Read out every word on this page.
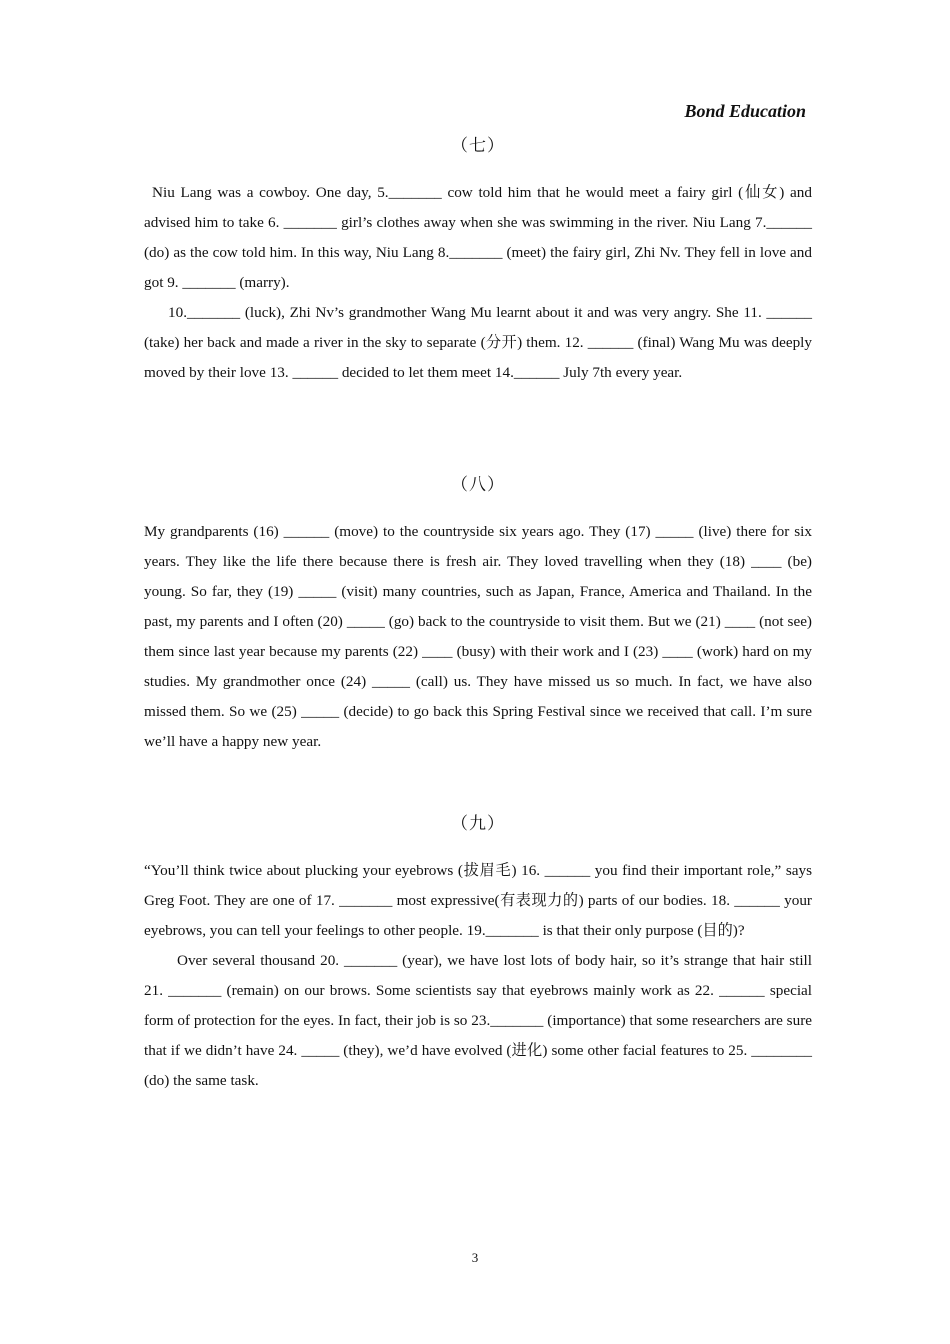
Bond Education
（七）

Niu Lang was a cowboy. One day, 5._______ cow told him that he would meet a fairy girl (仙女) and advised him to take 6. _______ girl’s clothes away when she was swimming in the river. Niu Lang 7.______ (do) as the cow told him. In this way, Niu Lang 8._______ (meet) the fairy girl, Zhi Nv. They fell in love and got 9. _______ (marry).

10._______ (luck), Zhi Nv’s grandmother Wang Mu learnt about it and was very angry. She 11. ______ (take) her back and made a river in the sky to separate (分开) them. 12. ______ (final) Wang Mu was deeply moved by their love 13. ______ decided to let them meet 14.______ July 7th every year.

（八）

My grandparents (16) ______ (move) to the countryside six years ago. They (17) _____ (live) there for six years. They like the life there because there is fresh air. They loved travelling when they (18) ____ (be) young. So far, they (19) _____ (visit) many countries, such as Japan, France, America and Thailand. In the past, my parents and I often (20) _____ (go) back to the countryside to visit them. But we (21) ____ (not see) them since last year because my parents (22) ____ (busy) with their work and I (23) ____ (work) hard on my studies. My grandmother once (24) _____ (call) us. They have missed us so much. In fact, we have also missed them. So we (25) _____ (decide) to go back this Spring Festival since we received that call. I’m sure we’ll have a happy new year.

（九）

“You’ll think twice about plucking your eyebrows (拔眉毛) 16. ______ you find their important role,” says Greg Foot. They are one of 17. _______ most expressive(有表现力的) parts of our bodies. 18. ______ your eyebrows, you can tell your feelings to other people. 19._______ is that their only purpose (目的)?

Over several thousand 20. _______ (year), we have lost lots of body hair, so it’s strange that hair still 21. _______ (remain) on our brows. Some scientists say that eyebrows mainly work as 22. ______ special form of protection for the eyes. In fact, their job is so 23._______ (importance) that some researchers are sure that if we didn’t have 24. _____ (they), we’d have evolved (进化) some other facial features to 25. ________ (do) the same task.

3
